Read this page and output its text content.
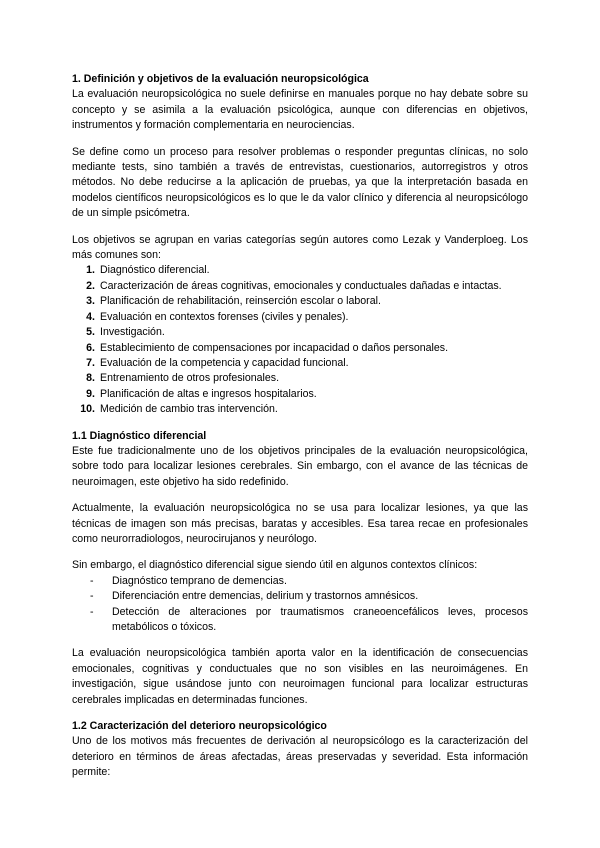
1. Definición y objetivos de la evaluación neuropsicológica

La evaluación neuropsicológica no suele definirse en manuales porque no hay debate sobre su concepto y se asimila a la evaluación psicológica, aunque con diferencias en objetivos, instrumentos y formación complementaria en neurociencias.

Se define como un proceso para resolver problemas o responder preguntas clínicas, no solo mediante tests, sino también a través de entrevistas, cuestionarios, autorregistros y otros métodos. No debe reducirse a la aplicación de pruebas, ya que la interpretación basada en modelos científicos neuropsicológicos es lo que le da valor clínico y diferencia al neuropsicólogo de un simple psicómetra.

Los objetivos se agrupan en varias categorías según autores como Lezak y Vanderploeg. Los más comunes son:

1. Diagnóstico diferencial.
2. Caracterización de áreas cognitivas, emocionales y conductuales dañadas e intactas.
3. Planificación de rehabilitación, reinserción escolar o laboral.
4. Evaluación en contextos forenses (civiles y penales).
5. Investigación.
6. Establecimiento de compensaciones por incapacidad o daños personales.
7. Evaluación de la competencia y capacidad funcional.
8. Entrenamiento de otros profesionales.
9. Planificación de altas e ingresos hospitalarios.
10. Medición de cambio tras intervención.
1.1 Diagnóstico diferencial

Este fue tradicionalmente uno de los objetivos principales de la evaluación neuropsicológica, sobre todo para localizar lesiones cerebrales. Sin embargo, con el avance de las técnicas de neuroimagen, este objetivo ha sido redefinido.

Actualmente, la evaluación neuropsicológica no se usa para localizar lesiones, ya que las técnicas de imagen son más precisas, baratas y accesibles. Esa tarea recae en profesionales como neurorradiologos, neurocirujanos y neurólogo.

Sin embargo, el diagnóstico diferencial sigue siendo útil en algunos contextos clínicos:

-	Diagnóstico temprano de demencias.
-	Diferenciación entre demencias, delirium y trastornos amnésicos.
-	Detección de alteraciones por traumatismos craneoencefálicos leves, procesos metabólicos o tóxicos.

La evaluación neuropsicológica también aporta valor en la identificación de consecuencias emocionales, cognitivas y conductuales que no son visibles en las neuroimágenes. En investigación, sigue usándose junto con neuroimagen funcional para localizar estructuras cerebrales implicadas en determinadas funciones.

1.2 Caracterización del deterioro neuropsicológico

Uno de los motivos más frecuentes de derivación al neuropsicólogo es la caracterización del deterioro en términos de áreas afectadas, áreas preservadas y severidad. Esta información permite:
